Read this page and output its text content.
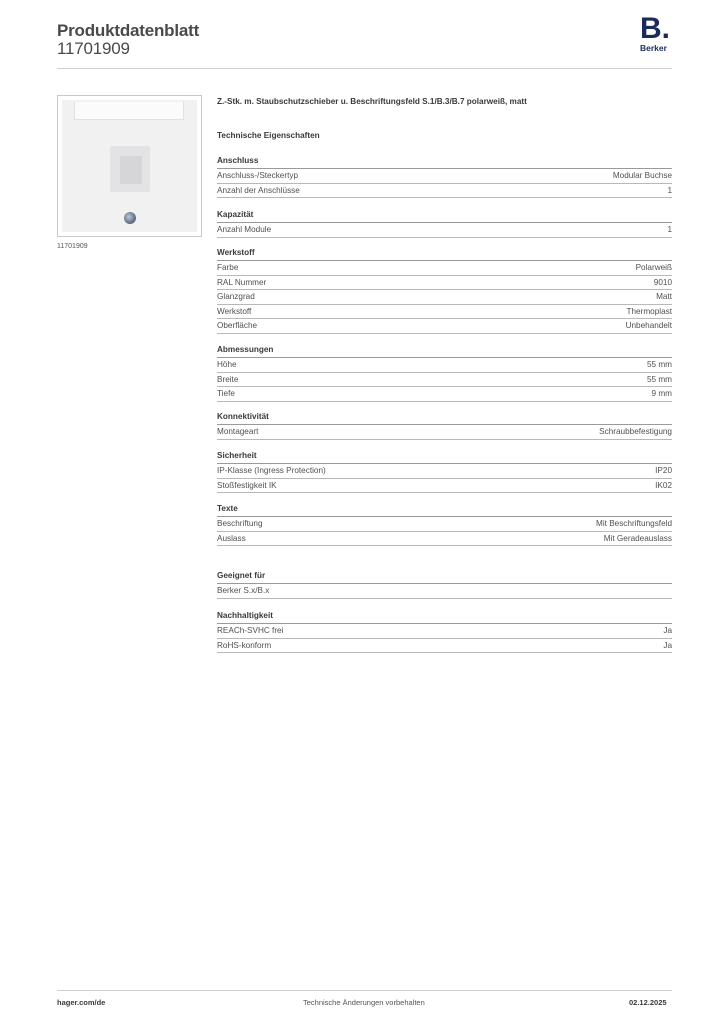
Produktdatenblatt
11701909
B.
Berker
11701909
Z.-Stk. m. Staubschutzschieber u. Beschriftungsfeld S.1/B.3/B.7 polarweiß, matt
Technische Eigenschaften
Anschluss
Anschluss-/Steckertyp	Modular Buchse
Anzahl der Anschlüsse	1
Kapazität
Anzahl Module	1
Werkstoff
Farbe	Polarweiß
RAL Nummer	9010
Glanzgrad	Matt
Werkstoff	Thermoplast
Oberfläche	Unbehandelt
Abmessungen
Höhe	55 mm
Breite	55 mm
Tiefe	9 mm
Konnektivität
Montageart	Schraubbefestigung
Sicherheit
IP-Klasse (Ingress Protection)	IP20
Stoßfestigkeit IK	IK02
Texte
Beschriftung	Mit Beschriftungsfeld
Auslass	Mit Geradeauslass
Geeignet für
Berker S.x/B.x
Nachhaltigkeit
REACh-SVHC frei	Ja
RoHS-konform	Ja
hager.com/de	Technische Änderungen vorbehalten	02.12.2025
